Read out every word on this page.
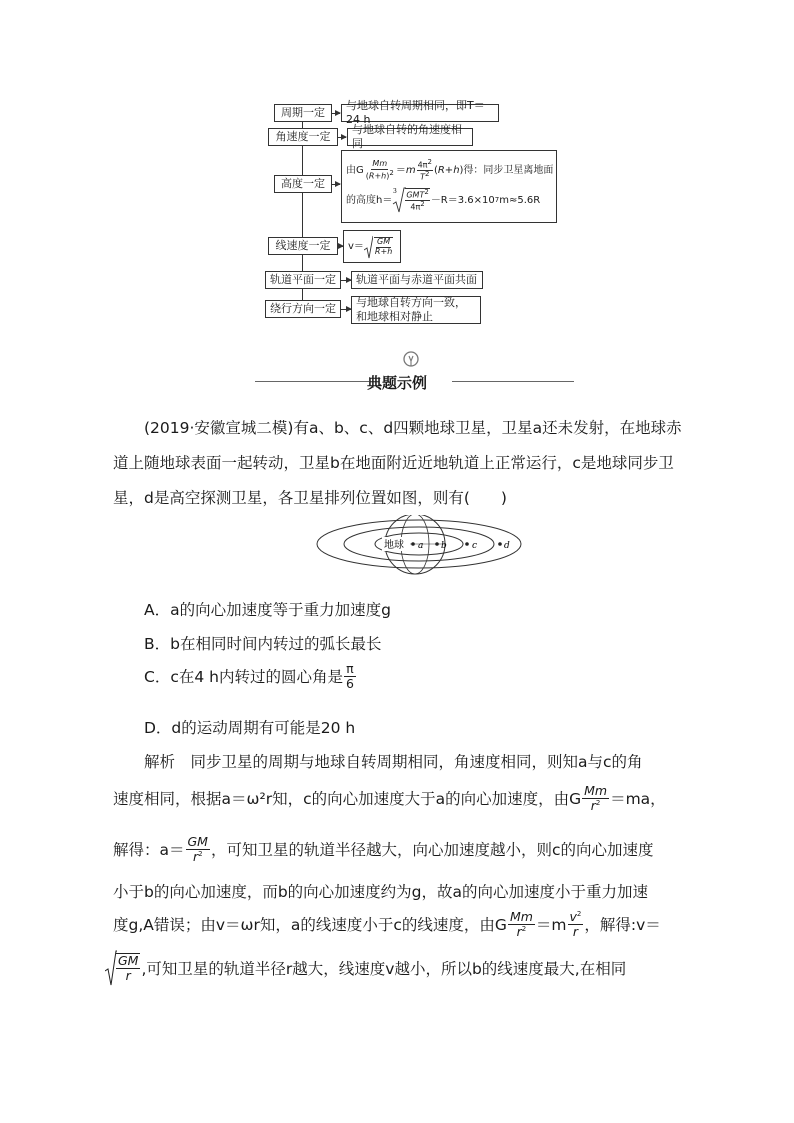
周期一定
角速度一定
高度一定
线速度一定
轨道平面一定
绕行方向一定
与地球自转周期相同，即T＝24 h
与地球自转的角速度相同
由G $\frac{Mm}{(R+h)2} =m \frac{4\pi 2}{T2} (R+h)$ 得：同步卫星离地面
的高度h＝
$3 \frac{\text{GMT2}}{4\pi 2} -R=3.6\times 10$ 7 m≈5.6R
$v= \frac{GM}{R+h}$
轨道平面与赤道平面共面
与地球自转方向一致，和地球相对静止
典题示例
(2019·安徽宣城二模)有a、b、c、d四颗地球卫星，卫星a还未发射，在地球赤道上随地球表面一起转动，卫星b在地面附近近地轨道上正常运行，c是地球同步卫星，d是高空探测卫星，各卫星排列位置如图，则有(　　)
地球 a b	c	d
A．a的向心加速度等于重力加速度g
B．b在相同时间内转过的弧长最长
C．c在4 h内转过的圆心角是 $\frac{\pi}{6}$
D．d的运动周期有可能是20 h
解析　同步卫星的周期与地球自转周期相同，角速度相同，则知a与c的角
速度相同，根据a＝ω²r知，c的向心加速度大于a的向心加速度，由G $\frac{Mm}{r^2} =ma$，
解得：$a= \frac{GM}{r^2}$ ，可知卫星的轨道半径越大，向心加速度越小，则c的向心加速度
小于b的向心加速度，而b的向心加速度约为g，故a的向心加速度小于重力加速
度g,A错误；由v＝ωr知，a的线速度小于c的线速度，由G $\frac{Mm}{r^2} =m \frac{v^2}{r}$ ，解得:v＝
$\frac{GM}{r}$ ,可知卫星的轨道半径r越大，线速度v越小，所以b的线速度最大,在相同
